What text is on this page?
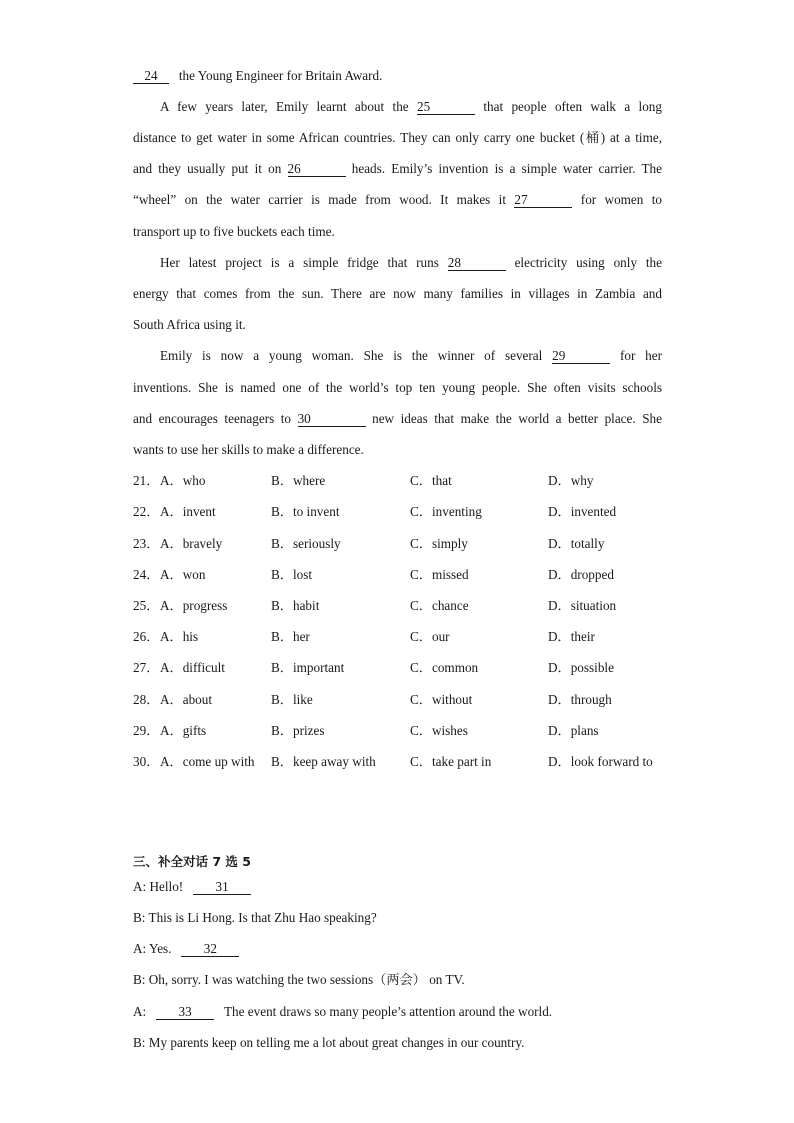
24 the Young Engineer for Britain Award.
A few years later, Emily learnt about the 25	that people often walk a long
distance to get water in some African countries. They can only carry one bucket (桶) at a time,
and they usually put it on 26	heads. Emily’s invention is a simple water carrier. The
“wheel” on the water carrier is made from wood. It makes it 27	for women to
transport up to five buckets each time.
Her latest project is a simple fridge that runs 28	electricity using only the
energy that comes from the sun. There are now many families in villages in Zambia and
South Africa using it.
Emily is now a young woman. She is the winner of several 29	for her
inventions. She is named one of the world’s top ten young people. She often visits schools
and encourages teenagers to 30	new ideas that make the world a better place. She
wants to use her skills to make a difference.
21． A．who	B．where	C．that	D．why
22． A．invent	B．to invent	C．inventing	D．invented
23． A．bravely	B．seriously	C．simply	D．totally
24． A．won	B．lost	C．missed	D．dropped
25． A．progress	B．habit	C．chance	D．situation
26． A．his	B．her	C．our	D．their
27． A．difficult	B．important	C．common	D．possible
28． A．about	B．like	C．without	D．through
29． A．gifts	B．prizes	C．wishes	D．plans
30． A．come up with B．keep away with	C．take part in	D．look forward to
三、补全对话 7 选 5
A: Hello! 31
B: This is Li Hong. Is that Zhu Hao speaking?
A: Yes. 32
B: Oh, sorry. I was watching the two sessions（两会） on TV.
A: 33 The event draws so many people’s attention around the world.
B: My parents keep on telling me a lot about great changes in our country.
